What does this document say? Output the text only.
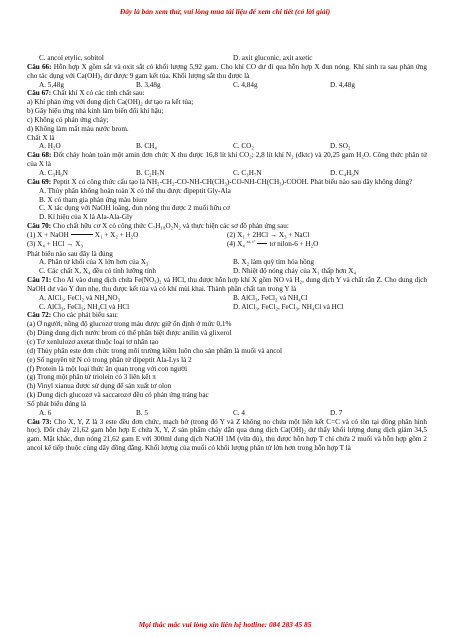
Đây là bản xem thử, vui lòng mua tài liệu để xem chi tiết (có lời giải)
C. ancol etylic, sobitol	D. axit gluconic, axit axetic
Câu 66: Hỗn hợp X gồm sắt và oxit sắt có khối lượng 5,92 gam. Cho khí CO dư đi qua hỗn hợp X đun nóng. Khí sinh ra sau phản ứng cho tác dụng với Ca(OH)₂ dư được 9 gam kết tủa. Khối lượng sắt thu được là
A. 5,48g	B. 3,48g	C. 4,84g	D. 4,48g
Câu 67: Chất khí X có các tính chất sau:
a) Khí phản ứng với dung dịch Ca(OH)₂ dư tạo ra kết tủa;
b) Gây hiệu ứng nhà kính làm biến đổi khí hậu;
c) Không có phản ứng cháy;
d) Không làm mất màu nước brom.
Chất X là
A. H₂O	B. CH₄	C. CO₂	D. SO₂
Câu 68: Đốt cháy hoàn toàn một amin đơn chức X thu được 16,8 lít khí CO₂; 2,8 lít khí N₂ (đktc) và 20,25 gam H₂O. Công thức phân tử của X là
A. C₃H₉N	B. C₂H₇N	C. C₃H₇N	D. C₄H₉N
Câu 69: Peptit X có công thức cấu tạo là NH₂-CH₂-CO-NH-CH(CH₃)-CO-NH-CH(CH₃)-COOH. Phát biểu nào sau đây không đúng?
A. Thủy phân không hoàn toàn X có thể thu được đipeptit Gly-Ala
B. X có tham gia phản ứng màu biure
C. X tác dụng với NaOH loãng, đun nóng thu được 2 muối hữu cơ
D. Kí hiệu của X là Ala-Ala-Gly
Câu 70: Cho chất hữu cơ X có công thức C₇H₁₈O₂N₂ và thực hiện các sơ đồ phản ứng sau:
(1) X + NaOH	X₁ + X₂ + H₂O	(2) X₁ + 2HCl → X₃ + NaCl
(3) X₄ + HCl → X₃	(4) X₄ $^{xt, t^\circ}$ tơ nilon-6 + H₂O
Phát biểu nào sau đây là đúng
A. Phân tử khối của X lớn hơn của X₃	B. X₂ làm quỳ tím hóa hồng
C. Các chất X, X₄ đều có tính lưỡng tính	D. Nhiệt độ nóng chảy của X₁ thấp hơn X₄
Câu 71: Cho Al vào dung dịch chứa Fe(NO₃)₂ và HCl, thu được hỗn hợp khí X gồm NO và H₂, dung dịch Y và chất rắn Z. Cho dung dịch NaOH dư vào Y đun nhẹ, thu được kết tủa và có khí mùi khai. Thành phần chất tan trong Y là
A. AlCl₃, FeCl₂ và NH₄NO₃	B. AlCl₃, FeCl₂ và NH₄Cl
C. AlCl₃, FeCl₃, NH₄Cl và HCl	D. AlCl₃, FeCl₂, FeCl₃, NH₄Cl và HCl
Câu 72: Cho các phát biểu sau:
(a) Ở người, nồng độ glucozơ trong máu được giữ ổn định ở mức 0,1%
(b) Dùng dung dịch nước brom có thể phân biệt được anilin và glixerol
(c) Tơ xenlulozơ axetat thuộc loại tơ nhân tạo
(d) Thủy phân este đơn chức trong môi trường kiềm luôn cho sản phẩm là muối và ancol
(e) Số nguyên tử N có trong phân tử đipeptit Ala-Lys là 2
(f) Protein là một loại thức ăn quan trọng với con người
(g) Trong một phân tử triolein có 3 liên kết π
(h) Vinyl xianua được sử dụng để sản xuất tơ olon
(k) Dung dịch glucozơ và saccarozơ đều có phản ứng tráng bạc
Số phát biểu đúng là
A. 6	B. 5	C. 4	D. 7
Câu 73: Cho X, Y, Z là 3 este đều đơn chức, mạch hở (trong đó Y và Z không no chứa một liên kết C=C và có tồn tại đồng phân hình học). Đốt cháy 21,62 gam hỗn hợp E chứa X, Y, Z sản phẩm cháy dẫn qua dung dịch Ca(OH)₂ dư thấy khối lượng dung dịch giảm 34,5 gam. Mặt khác, đun nóng 21,62 gam E với 300ml dung dịch NaOH 1M (vừa đủ), thu được hỗn hợp T chỉ chứa 2 muối và hỗn hợp gồm 2 ancol kế tiếp thuộc cùng dãy đồng đẳng. Khối lượng của muối có khối lượng phân tử lớn hơn trong hỗn hợp T là
Mọi thắc mắc vui lòng xin liên hệ hotline: 084 283 45 85
